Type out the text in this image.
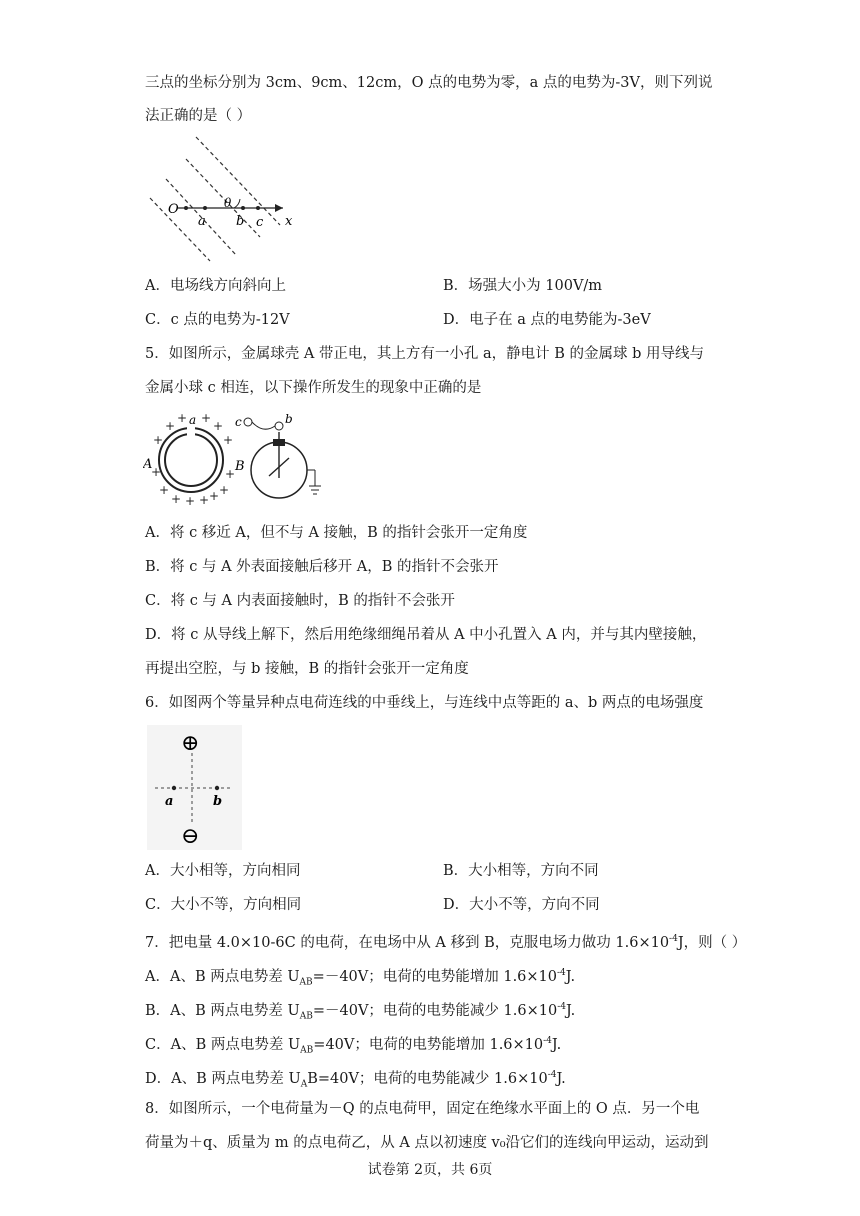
三点的坐标分别为 3cm、9cm、12cm，O 点的电势为零，a 点的电势为-3V，则下列说
法正确的是（ ）
O
a b c x
θ
A．电场线方向斜向上	B．场强大小为 100V/m
C．c 点的电势为-12V	D．电子在 a 点的电势能为-3eV
5．如图所示，金属球壳 A 带正电，其上方有一小孔 a，静电计 B 的金属球 b 用导线与
金属小球 c 相连，以下操作所发生的现象中正确的是
+
+ +
+
+	+
+	+
+	+
+ + + +
A
a
B
c	b
A．将 c 移近 A，但不与 A 接触，B 的指针会张开一定角度
B．将 c 与 A 外表面接触后移开 A，B 的指针不会张开
C．将 c 与 A 内表面接触时，B 的指针不会张开
D．将 c 从导线上解下，然后用绝缘细绳吊着从 A 中小孔置入 A 内，并与其内壁接触，
再提出空腔，与 b 接触，B 的指针会张开一定角度
6．如图两个等量异种点电荷连线的中垂线上，与连线中点等距的 a、b 两点的电场强度
⊕
⊖
a	b
A．大小相等，方向相同	B．大小相等，方向不同
C．大小不等，方向相同	D．大小不等，方向不同
7．把电量 4.0×10-6C 的电荷，在电场中从 A 移到 B，克服电场力做功 $1.6\times 10^{-4}J$，则（ ）
A．A、B 两点电势差 $U_{AB}=-40V$；电荷的电势能增加 $1.6\times 10^{-4}J$.
B．A、B 两点电势差 $U_{AB}=-40V$；电荷的电势能减少 $1.6\times 10^{-4}J$.
C．A、B 两点电势差 $U_{AB}=40V$；电荷的电势能增加 $1.6\times 10^{-4}J$.
D．A、B 两点电势差 $U_AB=40V$；电荷的电势能减少 $1.6\times 10^{-4}J$.
8．如图所示，一个电荷量为－Q 的点电荷甲，固定在绝缘水平面上的 O 点．另一个电
荷量为＋q、质量为 m 的点电荷乙，从 A 点以初速度 v₀沿它们的连线向甲运动，运动到
试卷第 2页，共 6页
